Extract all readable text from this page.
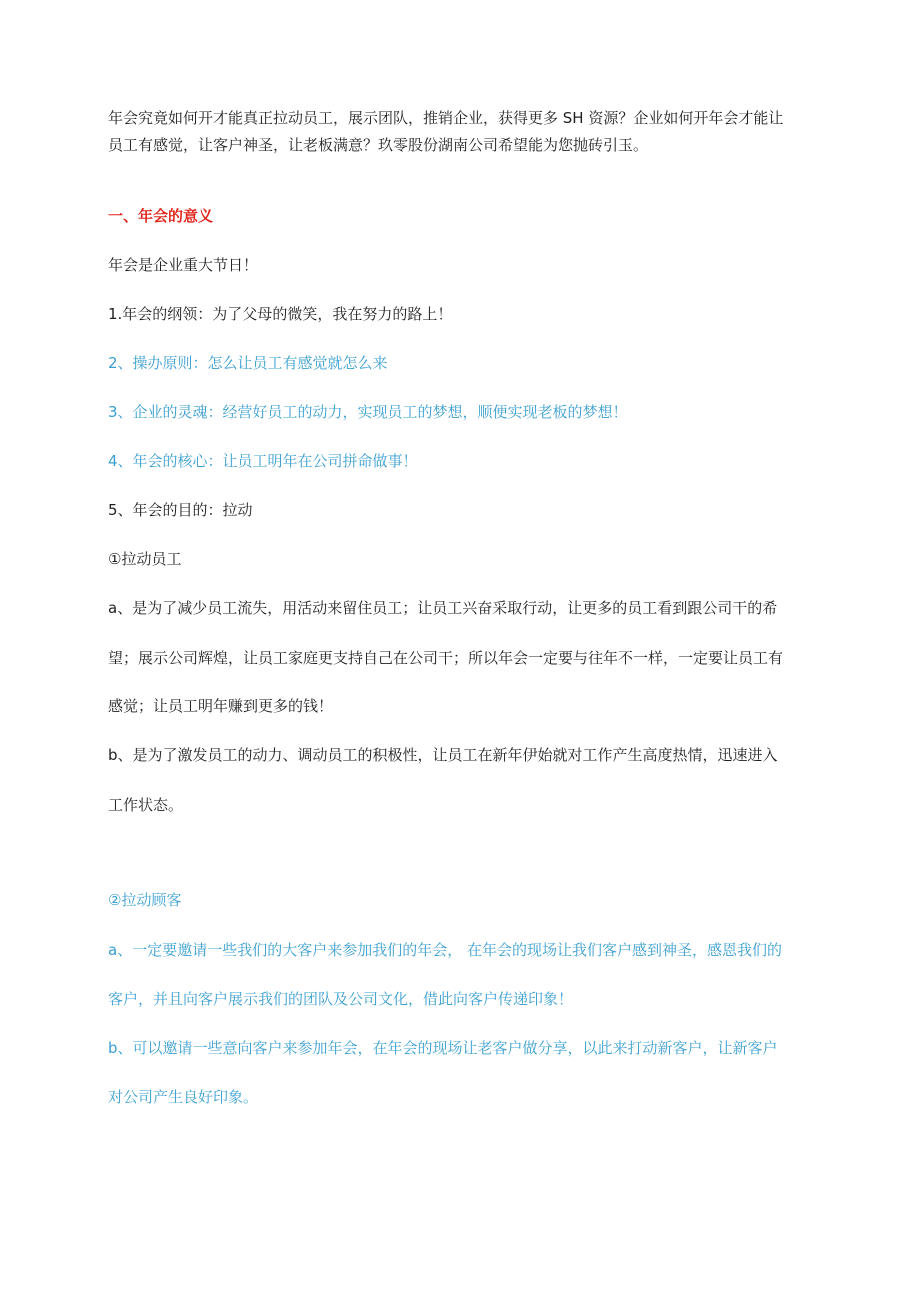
年会究竟如何开才能真正拉动员工，展示团队，推销企业，获得更多 SH 资源？企业如何开年会才能让

员工有感觉，让客户神圣，让老板满意？玖零股份湖南公司希望能为您抛砖引玉。

一、年会的意义

年会是企业重大节日！

1.年会的纲领：为了父母的微笑，我在努力的路上！

2、操办原则：怎么让员工有感觉就怎么来

3、企业的灵魂：经营好员工的动力，实现员工的梦想，顺便实现老板的梦想！

4、年会的核心：让员工明年在公司拼命做事！

5、年会的目的：拉动

①拉动员工

a、是为了减少员工流失，用活动来留住员工；让员工兴奋采取行动，让更多的员工看到跟公司干的希

望；展示公司辉煌，让员工家庭更支持自己在公司干；所以年会一定要与往年不一样，一定要让员工有

感觉；让员工明年赚到更多的钱！

b、是为了激发员工的动力、调动员工的积极性，让员工在新年伊始就对工作产生高度热情，迅速进入

工作状态。

②拉动顾客

a、一定要邀请一些我们的大客户来参加我们的年会， 在年会的现场让我们客户感到神圣，感恩我们的

客户，并且向客户展示我们的团队及公司文化，借此向客户传递印象！

b、可以邀请一些意向客户来参加年会，在年会的现场让老客户做分享，以此来打动新客户，让新客户

对公司产生良好印象。
